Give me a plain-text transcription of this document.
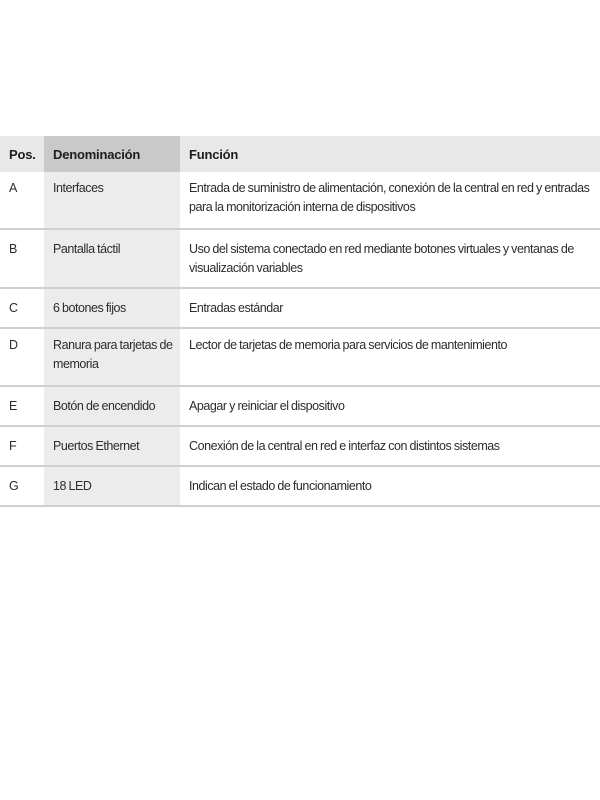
Pos.	Denominación	Función
A	Interfaces	Entrada de suministro de alimentación, conexión de la central en red y entradas para la monitorización interna de dispositivos
B	Pantalla táctil	Uso del sistema conectado en red mediante botones virtuales y ventanas de visualización variables
C	6 botones fijos	Entradas estándar
D	Ranura para tarjetas de memoria	Lector de tarjetas de memoria para servicios de mantenimiento
E	Botón de encendido	Apagar y reiniciar el dispositivo
F	Puertos Ethernet	Conexión de la central en red e interfaz con distintos sistemas
G	18 LED	Indican el estado de funcionamiento
